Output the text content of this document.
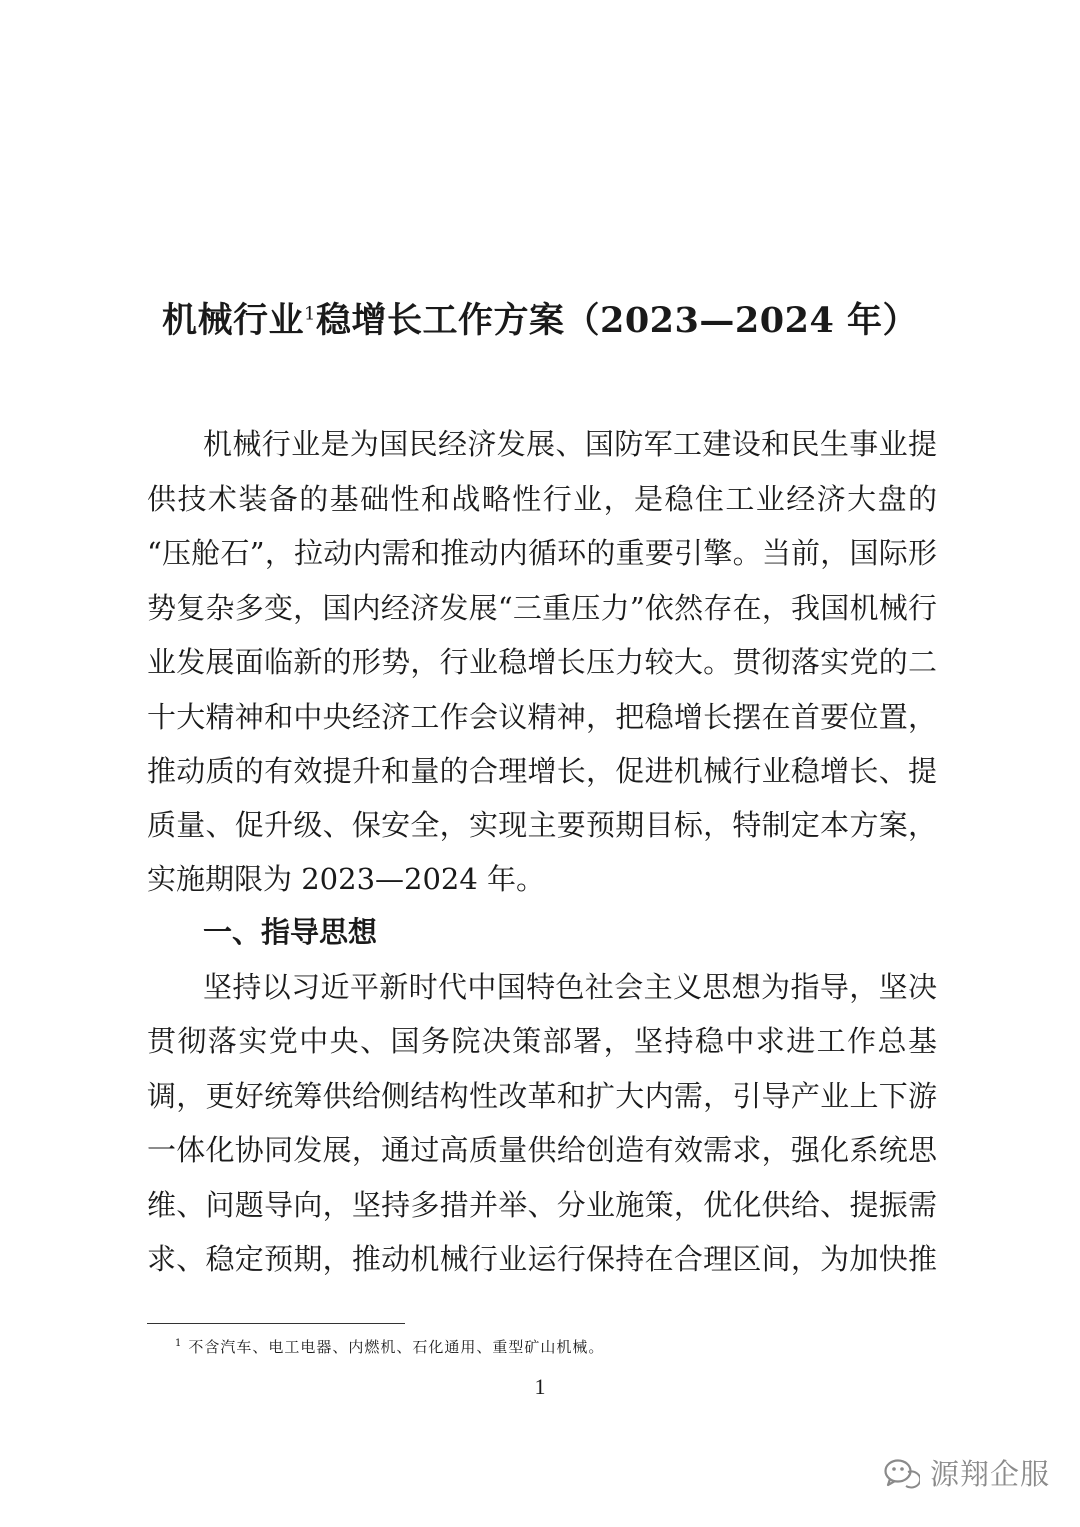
机械行业$^1$稳增长工作方案（2023—2024 年）
机械行业是为国民经济发展、国防军工建设和民生事业提
供技术装备的基础性和战略性行业，是稳住工业经济大盘的
“压舱石”，拉动内需和推动内循环的重要引擎。当前，国际形
势复杂多变，国内经济发展“三重压力”依然存在，我国机械行
业发展面临新的形势，行业稳增长压力较大。贯彻落实党的二
十大精神和中央经济工作会议精神，把稳增长摆在首要位置，
推动质的有效提升和量的合理增长，促进机械行业稳增长、提
质量、促升级、保安全，实现主要预期目标，特制定本方案，
实施期限为 2023—2024 年。
一、指导思想
坚持以习近平新时代中国特色社会主义思想为指导，坚决
贯彻落实党中央、国务院决策部署，坚持稳中求进工作总基
调，更好统筹供给侧结构性改革和扩大内需，引导产业上下游
一体化协同发展，通过高质量供给创造有效需求，强化系统思
维、问题导向，坚持多措并举、分业施策，优化供给、提振需
求、稳定预期，推动机械行业运行保持在合理区间，为加快推
$^1$ 不含汽车、电工电器、内燃机、石化通用、重型矿山机械。
1
源翔企服
